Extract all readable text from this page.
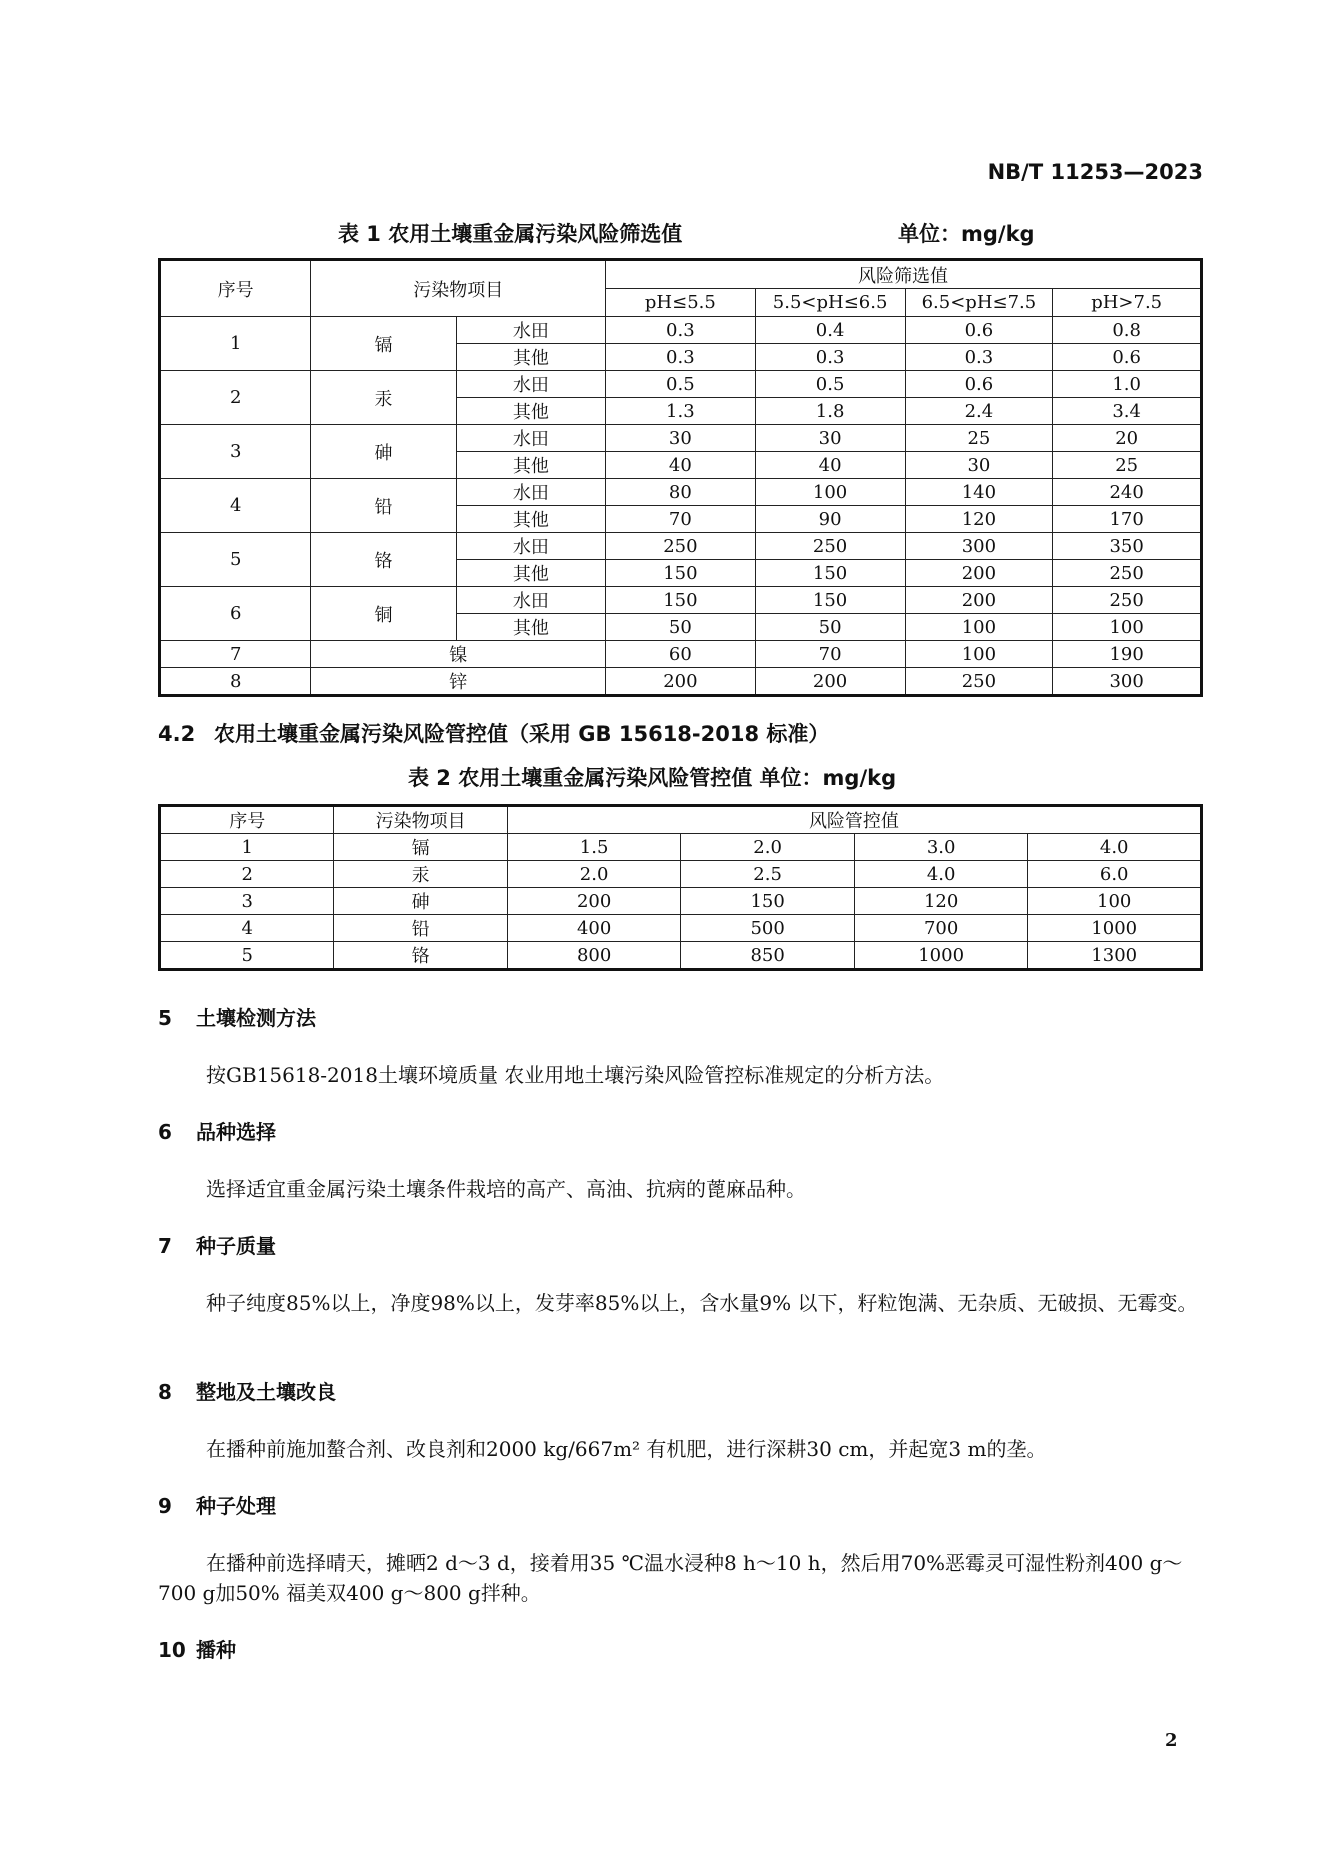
NB/T 11253—2023
表 1 农用土壤重金属污染风险筛选值	单位：mg/kg
序号	污染物项目		风险筛选值			
			pH≤5.5	5.5<pH≤6.5	6.5<pH≤7.5	pH>7.5
1	镉	水田	0.3	0.4	0.6	0.8
		其他	0.3	0.3	0.3	0.6
2	汞	水田	0.5	0.5	0.6	1.0
		其他	1.3	1.8	2.4	3.4
3	砷	水田	30	30	25	20
		其他	40	40	30	25
4	铅	水田	80	100	140	240
		其他	70	90	120	170
5	铬	水田	250	250	300	350
		其他	150	150	200	250
6	铜	水田	150	150	200	250
		其他	50	50	100	100
7	镍		60	70	100	190
8	锌		200	200	250	300
4.2 农用土壤重金属污染风险管控值（采用 GB 15618-2018 标准）
表 2 农用土壤重金属污染风险管控值 单位：mg/kg
序号	污染物项目	风险管控值			
1	镉	1.5	2.0	3.0	4.0
2	汞	2.0	2.5	4.0	6.0
3	砷	200	150	120	100
4	铅	400	500	700	1000
5	铬	800	850	1000	1300
5 土壤检测方法
按GB15618-2018土壤环境质量 农业用地土壤污染风险管控标准规定的分析方法。
6 品种选择
选择适宜重金属污染土壤条件栽培的高产、高油、抗病的蓖麻品种。
7 种子质量
种子纯度85%以上，净度98%以上，发芽率85%以上，含水量9% 以下，籽粒饱满、无杂质、无破损、无霉变。
8 整地及土壤改良
在播种前施加螯合剂、改良剂和2000 kg/667m² 有机肥，进行深耕30 cm，并起宽3 m的垄。
9 种子处理
在播种前选择晴天，摊晒2 d～3 d，接着用35 ℃温水浸种8 h～10 h，然后用70%恶霉灵可湿性粉剂400 g～700 g加50% 福美双400 g～800 g拌种。
10 播种
2
